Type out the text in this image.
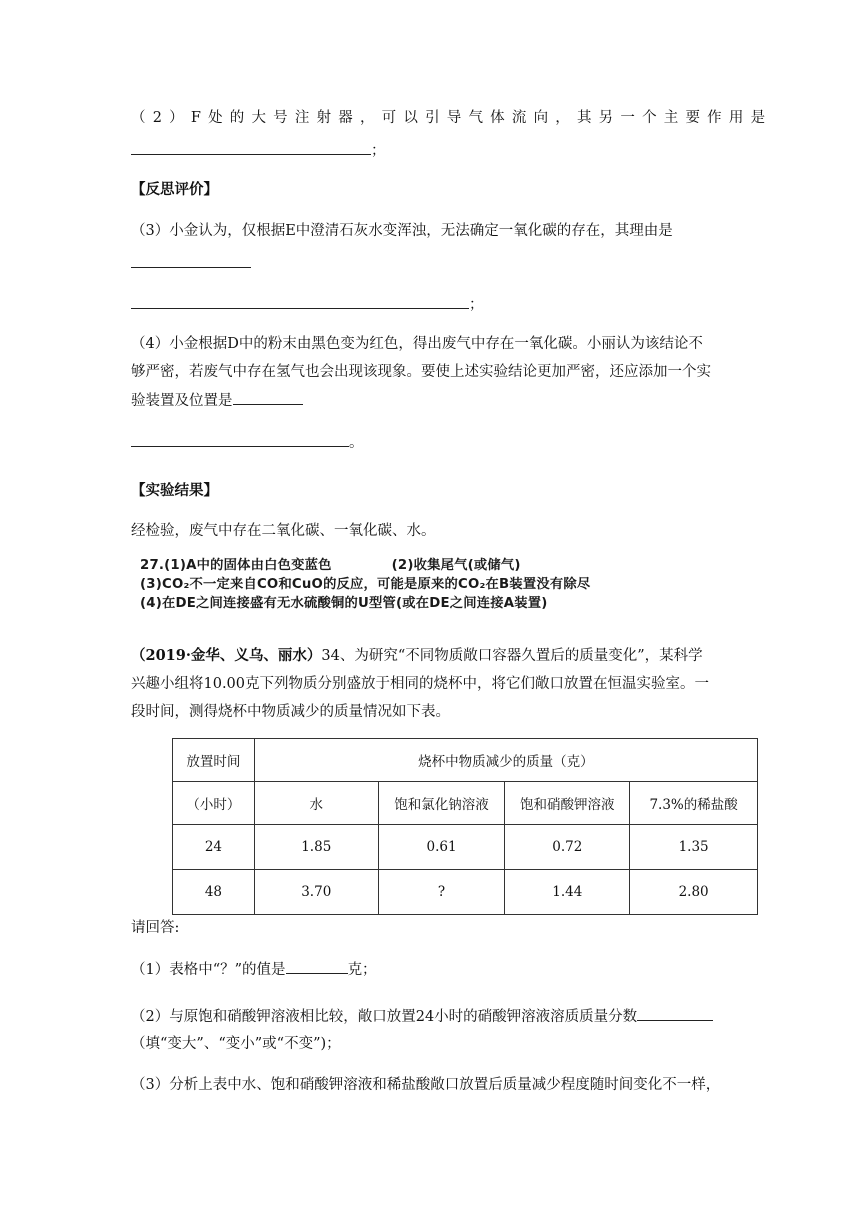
（2）F处的大号注射器，可以引导气体流向，其另一个主要作用是
；
【反思评价】
（3）小金认为，仅根据E中澄清石灰水变浑浊，无法确定一氧化碳的存在，其理由是
；
（4）小金根据D中的粉末由黑色变为红色，得出废气中存在一氧化碳。小丽认为该结论不
够严密，若废气中存在氢气也会出现该现象。要使上述实验结论更加严密，还应添加一个实
验装置及位置是
。
【实验结果】
经检验，废气中存在二氧化碳、一氧化碳、水。
27.(1)A中的固体由白色变蓝色	(2)收集尾气(或储气)
(3)CO₂不一定来自CO和CuO的反应，可能是原来的CO₂在B装置没有除尽
(4)在DE之间连接盛有无水硫酸铜的U型管(或在DE之间连接A装置)
（2019·金华、义乌、丽水）34、为研究“不同物质敞口容器久置后的质量变化”，某科学
兴趣小组将10.00克下列物质分别盛放于相同的烧杯中，将它们敞口放置在恒温实验室。一
段时间，测得烧杯中物质减少的质量情况如下表。
放置时间	烧杯中物质减少的质量（克）			
（小时）	水	饱和氯化钠溶液	饱和硝酸钾溶液	7.3%的稀盐酸
24	1.85	0.61	0.72	1.35
48	3.70	?	1.44	2.80
请回答:
（1）表格中“？”的值是	克；
（2）与原饱和硝酸钾溶液相比较，敞口放置24小时的硝酸钾溶液溶质质量分数
（填“变大”、“变小”或“不变”)；
（3）分析上表中水、饱和硝酸钾溶液和稀盐酸敞口放置后质量减少程度随时间变化不一样，
